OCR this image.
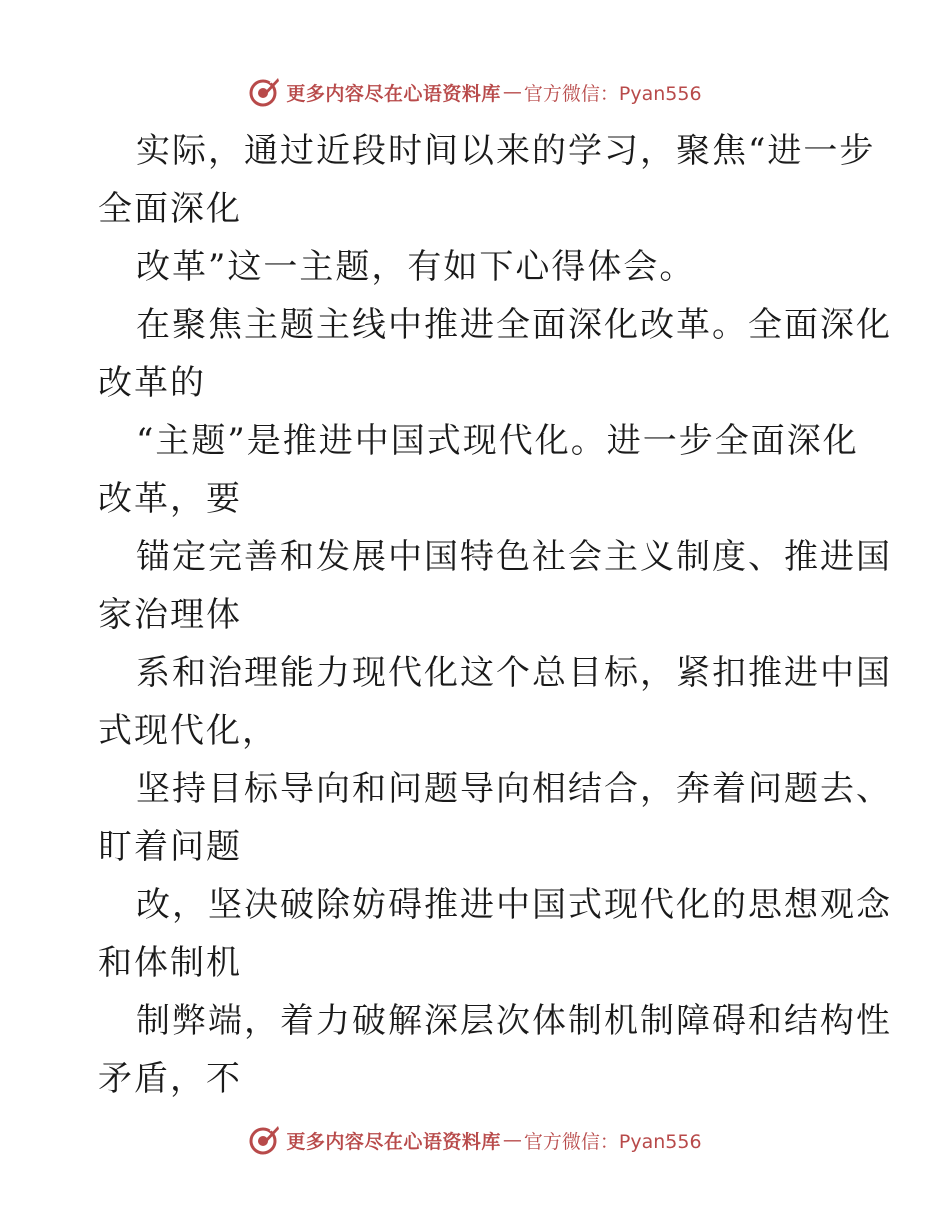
更多内容尽在心语资料库 — 官方微信：Pyan556
实际，通过近段时间以来的学习，聚焦“进一步
全面深化
改革”这一主题，有如下心得体会。
在聚焦主题主线中推进全面深化改革。全面深化
改革的
“主题”是推进中国式现代化。进一步全面深化
改革，要
锚定完善和发展中国特色社会主义制度、推进国
家治理体
系和治理能力现代化这个总目标，紧扣推进中国
式现代化，
坚持目标导向和问题导向相结合，奔着问题去、
盯着问题
改，坚决破除妨碍推进中国式现代化的思想观念
和体制机
制弊端，着力破解深层次体制机制障碍和结构性
矛盾，不
更多内容尽在心语资料库 — 官方微信：Pyan556
